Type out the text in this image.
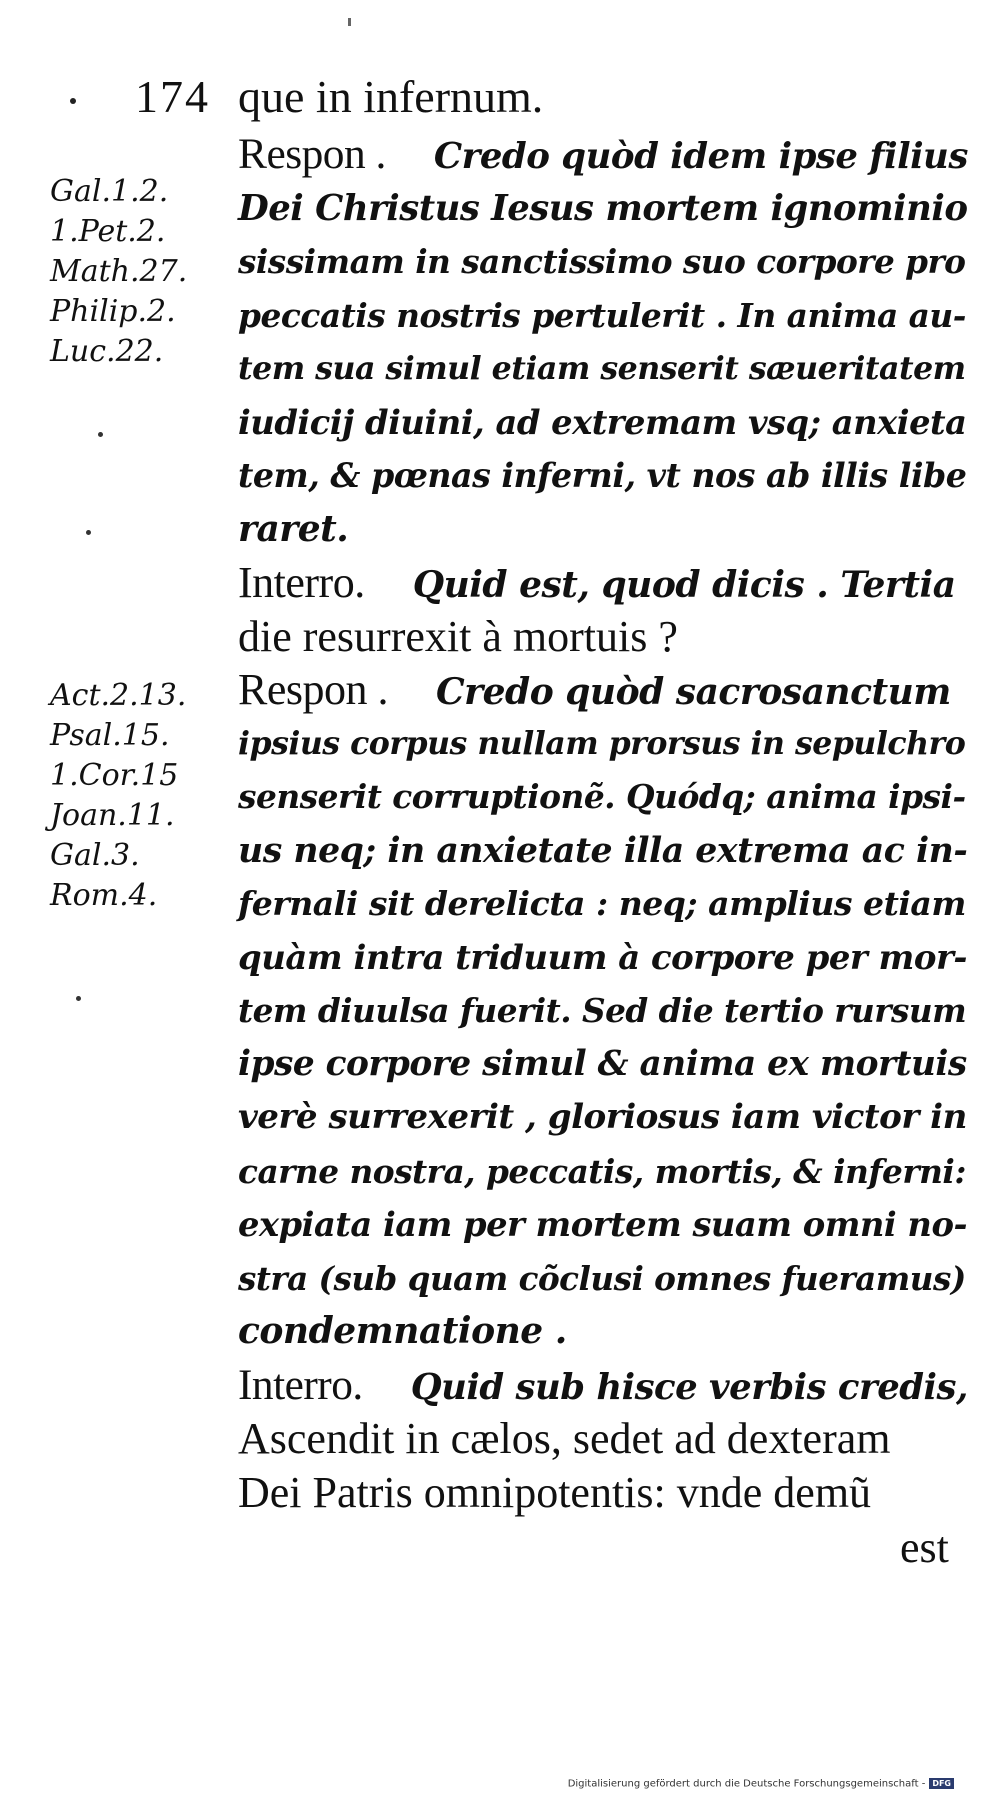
174 que in infernum.
Gal.1.2.
1.Pet.2.
Math.27.
Philip.2.
Luc.22.
Act.2.13.
Psal.15.
1.Cor.15
Joan.11.
Gal.3.
Rom.4.
Respon . Credo quòd idem ipse filius
Dei Christus Iesus mortem ignominio
sissimam in sanctissimo suo corpore pro
peccatis nostris pertulerit . In anima au-
tem sua simul etiam senserit sæueritatem
iudicij diuini, ad extremam vsq; anxieta
tem, & pœnas inferni, vt nos ab illis libe
raret.
Interro. Quid est, quod dicis . Tertia
die resurrexit à mortuis ?
Respon . Credo quòd sacrosanctum
ipsius corpus nullam prorsus in sepulchro
senserit corruptionẽ. Quódq; anima ipsi-
us neq; in anxietate illa extrema ac in-
fernali sit derelicta : neq; amplius etiam
quàm intra triduum à corpore per mor-
tem diuulsa fuerit. Sed die tertio rursum
ipse corpore simul & anima ex mortuis
verè surrexerit , gloriosus iam victor in
carne nostra, peccatis, mortis, & inferni:
expiata iam per mortem suam omni no-
stra (sub quam cõclusi omnes fueramus)
condemnatione .
Interro. Quid sub hisce verbis credis,
Ascendit in cælos, sedet ad dexteram
Dei Patris omnipotentis: vnde demũ
est
Digitalisierung gefördert durch die Deutsche Forschungsgemeinschaft - DFG
